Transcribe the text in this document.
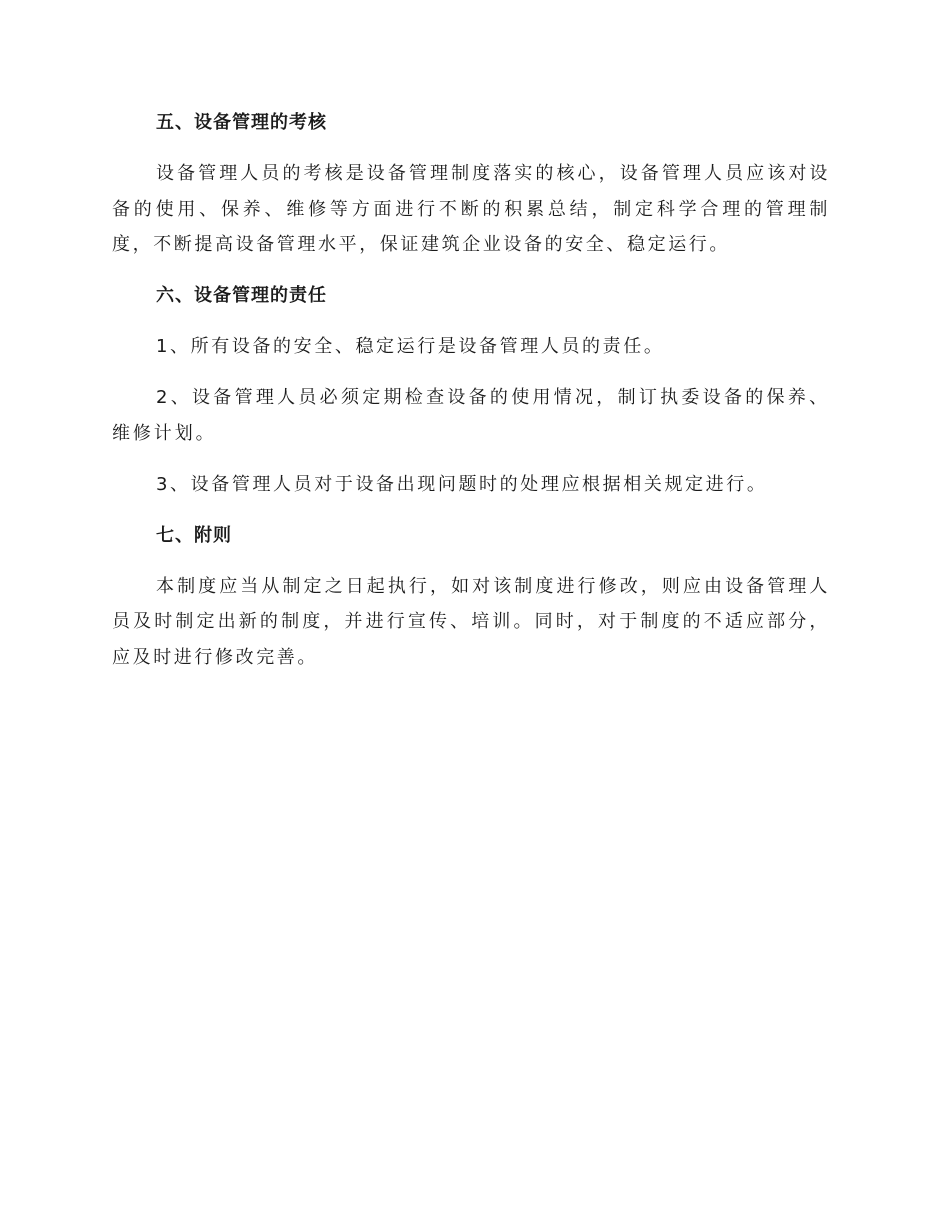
五、设备管理的考核

设备管理人员的考核是设备管理制度落实的核心，设备管理人员应该对设备的使用、保养、维修等方面进行不断的积累总结，制定科学合理的管理制度，不断提高设备管理水平，保证建筑企业设备的安全、稳定运行。

六、设备管理的责任

1、所有设备的安全、稳定运行是设备管理人员的责任。

2、设备管理人员必须定期检查设备的使用情况，制订执委设备的保养、维修计划。

3、设备管理人员对于设备出现问题时的处理应根据相关规定进行。

七、附则

本制度应当从制定之日起执行，如对该制度进行修改，则应由设备管理人员及时制定出新的制度，并进行宣传、培训。同时，对于制度的不适应部分，应及时进行修改完善。
